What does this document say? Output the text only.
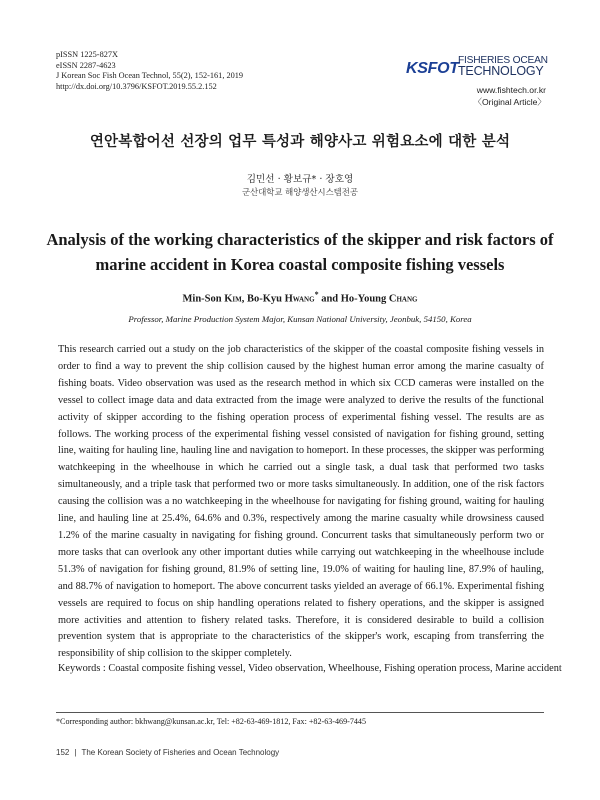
pISSN 1225-827X
eISSN 2287-4623
J Korean Soc Fish Ocean Technol, 55(2), 152-161, 2019
http://dx.doi.org/10.3796/KSFOT.2019.55.2.152
KSFOT FISHERIES OCEAN
TECHNOLOGY
www.fishtech.or.kr
〈Original Article〉
연안복합어선 선장의 업무 특성과 해양사고 위험요소에 대한 분석
김민선 · 황보규* · 장호영
군산대학교 해양생산시스템전공
Analysis of the working characteristics of the skipper and risk factors of
marine accident in Korea coastal composite fishing vessels
Min-Son Kim, Bo-Kyu Hwang* and Ho-Young Chang
Professor, Marine Production System Major, Kunsan National University, Jeonbuk, 54150, Korea

This research carried out a study on the job characteristics of the skipper of the coastal composite fishing vessels in order to find a way to prevent the ship collision caused by the highest human error among the marine casualty of fishing boats. Video observation was used as the research method in which six CCD cameras were installed on the vessel to collect image data and data extracted from the image were analyzed to derive the results of the functional activity of skipper according to the fishing operation process of experimental fishing vessel. The results are as follows. The working process of the experimental fishing vessel consisted of navigation for fishing ground, setting line, waiting for hauling line, hauling line and navigation to homeport. In these processes, the skipper was performing watchkeeping in the wheelhouse in which he carried out a single task, a dual task that performed two tasks simultaneously, and a triple task that performed two or more tasks simultaneously. In addition, one of the risk factors causing the collision was a no watchkeeping in the wheelhouse for navigating for fishing ground, waiting for hauling line, and hauling line at 25.4%, 64.6% and 0.3%, respectively among the marine casualty while drowsiness caused 1.2% of the marine casualty in navigating for fishing ground. Concurrent tasks that simultaneously perform two or more tasks that can overlook any other important duties while carrying out watchkeeping in the wheelhouse include 51.3% of navigation for fishing ground, 81.9% of setting line, 19.0% of waiting for hauling line, 87.9% of hauling, and 88.7% of navigation to homeport. The above concurrent tasks yielded an average of 66.1%. Experimental fishing vessels are required to focus on ship handling operations related to fishery operations, and the skipper is assigned more activities and attention to fishery related tasks. Therefore, it is considered desirable to build a collision prevention system that is appropriate to the characteristics of the skipper's work, escaping from transferring the responsibility of ship collision to the skipper completely.

Keywords : Coastal composite fishing vessel, Video observation, Wheelhouse, Fishing operation process, Marine accident
*Corresponding author: bkhwang@kunsan.ac.kr, Tel: +82-63-469-1812, Fax: +82-63-469-7445
152 | The Korean Society of Fisheries and Ocean Technology
